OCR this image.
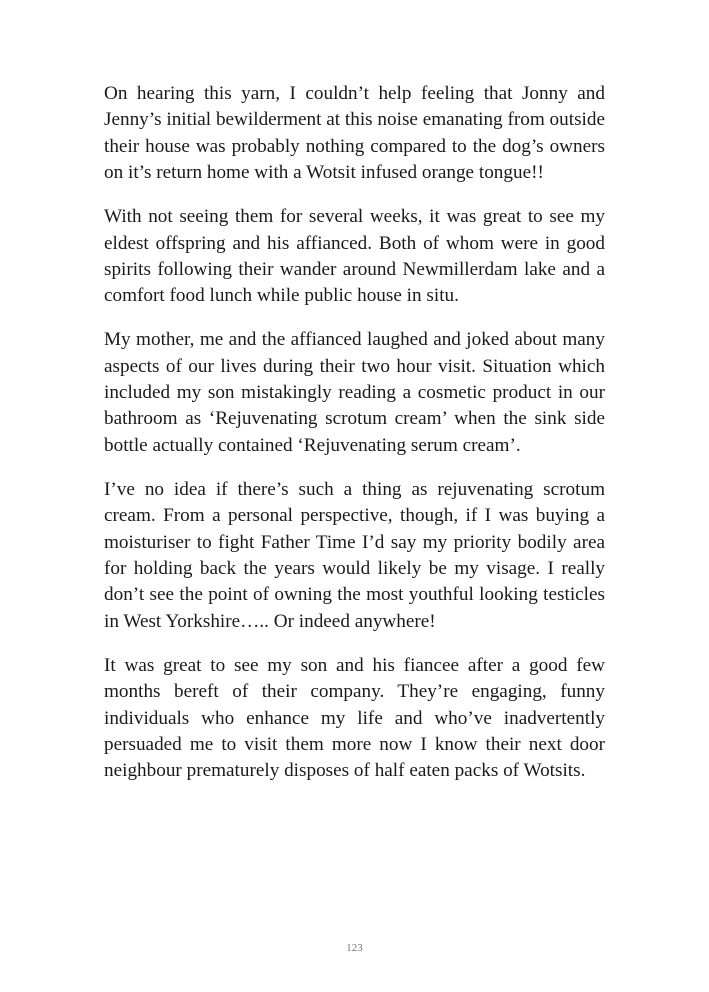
On hearing this yarn, I couldn’t help feeling that Jonny and Jenny’s initial bewilderment at this noise emanating from outside their house was probably nothing compared to the dog’s owners on it’s return home with a Wotsit infused orange tongue!!

With not seeing them for several weeks, it was great to see my eldest offspring and his affianced. Both of whom were in good spirits following their wander around Newmillerdam lake and a comfort food lunch while public house in situ.

My mother, me and the affianced laughed and joked about many aspects of our lives during their two hour visit. Situation which included my son mistakingly reading a cosmetic product in our bathroom as ‘Rejuvenating scrotum cream’ when the sink side bottle actually contained ‘Rejuvenating serum cream’.

I’ve no idea if there’s such a thing as rejuvenating scrotum cream. From a personal perspective, though, if I was buying a moisturiser to fight Father Time I’d say my priority bodily area for holding back the years would likely be my visage. I really don’t see the point of owning the most youthful looking testicles in West Yorkshire….. Or indeed anywhere!

It was great to see my son and his fiancee after a good few months bereft of their company. They’re engaging, funny individuals who enhance my life and who’ve inadvertently persuaded me to visit them more now I know their next door neighbour prematurely disposes of half eaten packs of Wotsits.

123
